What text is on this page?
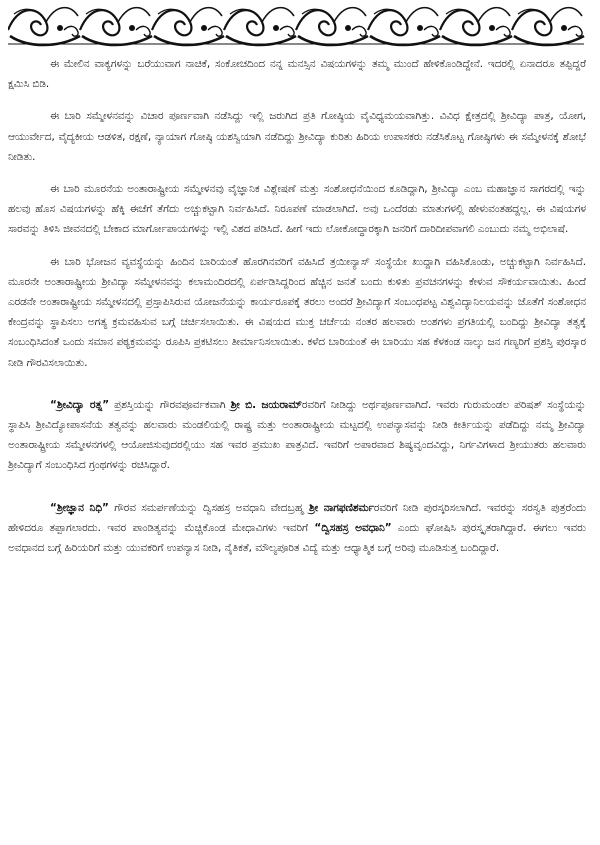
ಈ ಮೇಲಿನ ವಾಕ್ಯಗಳನ್ನು ಬರೆಯುವಾಗ ನಾಚಿಕೆ, ಸಂಕೋಚದಿಂದ ನನ್ನ ಮನಸ್ಸಿನ ವಿಷಯಗಳನ್ನು ತಮ್ಮ ಮುಂದೆ ಹೇಳಿಕೊಂಡಿದ್ದೇನೆ. ಇದರಲ್ಲಿ ಏನಾದರೂ ತಪ್ಪಿದ್ದರೆ ಕ್ಷಮಿಸಿ ಬಿಡಿ.

ಈ ಬಾರಿ ಸಮ್ಮೇಳನವನ್ನು ವಿಚಾರ ಪೂರ್ಣವಾಗಿ ನಡೆಸಿದ್ದು ಇಲ್ಲಿ ಜರುಗಿದ ಪ್ರತಿ ಗೋಷ್ಠಿಯ ವೈವಿಧ್ಯಮಯವಾಗಿತ್ತು. ವಿವಿಧ ಕ್ಷೇತ್ರದಲ್ಲಿ ಶ್ರೀವಿದ್ಯಾ ಪಾತ್ರ, ಯೋಗ, ಆಯುರ್ವೇದ, ವೈದ್ಯಕೀಯ ಆಡಳಿತ, ರಕ್ಷಣೆ, ನ್ಯಾಯಾಗ ಗೋಷ್ಠಿ ಯಶಸ್ವಿಯಾಗಿ ನಡೆದಿದ್ದು ಶ್ರೀವಿದ್ಯಾ ಕುರಿತು ಹಿರಿಯ ಉಪಾಸಕರು ನಡೆಸಿಕೊಟ್ಟ ಗೋಷ್ಠಿಗಳು ಈ ಸಮ್ಮೇಳನಕ್ಕೆ ಶೋಭೆ ನೀಡಿತು.

ಈ ಬಾರಿ ಮೂರನೆಯ ಅಂತಾರಾಷ್ಟ್ರೀಯ ಸಮ್ಮೇಳನವು ವೈಜ್ಞಾನಿಕ ವಿಶ್ಲೇಷಣೆ ಮತ್ತು ಸಂಶೋಧನೆಯಿಂದ ಕೂಡಿದ್ದಾಗಿ, ಶ್ರೀವಿದ್ಯಾ ಎಂಬ ಮಹಾಜ್ಞಾನ ಸಾಗರದಲ್ಲಿ ಇನ್ನು ಹಲವು ಹೊಸ ವಿಷಯಗಳನ್ನು ಹೆಕ್ಕಿ ಈಚೆಗೆ ತೆಗೆದು ಅಚ್ಚುಕಟ್ಟಾಗಿ ನಿರ್ವಹಿಸಿದೆ. ನಿರೂಪಣೆ ಮಾಡಲಾಗಿದೆ. ಅವು ಒಂದೆರಡು ಮಾತುಗಳಲ್ಲಿ ಹೇಳುವಂತಹದ್ದಲ್ಲ. ಈ ವಿಷಯಗಳ ಸಾರವನ್ನು ತಿಳಿಸಿ ಜೀವನದಲ್ಲಿ ಬೇಕಾದ ಮಾರ್ಗೋಪಾಯಗಳನ್ನು ಇಲ್ಲಿ ವಿಶದ ಪಡಿಸಿದೆ. ಹೀಗೆ ಇದು ಲೋಕೋದ್ಧಾರಕ್ಕಾಗಿ ಜನರಿಗೆ ದಾರಿದೀಪವಾಗಲಿ ಎಂಬುದು ನಮ್ಮ ಅಭಿಲಾಷೆ.

ಈ ಬಾರಿ ಭೋಜನ ವ್ಯವಸ್ಥೆಯನ್ನು ಹಿಂದಿನ ಬಾರಿಯಂತೆ ಹೊರಗಿನವರಿಗೆ ವಹಿಸಿದೆ ತ್ರಯೀನ್ಯಾಸ್ ಸಂಸ್ಥೆಯೇ ಖುದ್ದಾಗಿ ವಹಿಸಿಕೊಂಡು, ಅಚ್ಚುಕಟ್ಟಾಗಿ ನಿರ್ವಹಿಸಿದೆ. ಮೂರನೇ ಅಂತಾರಾಷ್ಟ್ರೀಯ ಶ್ರೀವಿದ್ಯಾ ಸಮ್ಮೇಳನವನ್ನು ಕಲಾಮಂದಿರದಲ್ಲಿ ಏರ್ಪಡಿಸಿದ್ದರಿಂದ ಹೆಚ್ಚಿನ ಜನತೆ ಬಂದು ಕುಳಿತು ಪ್ರವಚನಗಳನ್ನು ಕೇಳುವ ಸೌಕರ್ಯವಾಯಿತು. ಹಿಂದೆ ಎರಡನೇ ಅಂತಾರಾಷ್ಟ್ರೀಯ ಸಮ್ಮೇಳನದಲ್ಲಿ ಪ್ರಸ್ತಾಪಿಸಿರುವ ಯೋಜನೆಯನ್ನು ಕಾರ್ಯರೂಪಕ್ಕೆ ತರಲು ಅಂದರೆ ಶ್ರೀವಿದ್ಯಾಗೆ ಸಂಬಂಧಪಟ್ಟ ವಿಶ್ವವಿದ್ಯಾನಿಲಯವನ್ನು ಜೊತೆಗೆ ಸಂಶೋಧನ ಕೇಂದ್ರವನ್ನು ಸ್ಥಾಪಿಸಲು ಅಗತ್ಯ ಕ್ರಮವಹಿಸುವ ಬಗ್ಗೆ ಚರ್ಚಿಸಲಾಯಿತು. ಈ ವಿಷಯದ ಮುಕ್ತ ಚರ್ಚೆಯ ನಂತರ ಹಲವಾರು ಅಂಶಗಳು ಪ್ರಗತಿಯಲ್ಲಿ ಬಂದಿದ್ದು ಶ್ರೀವಿದ್ಯಾ ತತ್ವಕ್ಕೆ ಸಂಬಂಧಿಸಿದಂತೆ ಒಂದು ಸಮಾನ ಪಠ್ಯಕ್ರಮವನ್ನು ರೂಪಿಸಿ ಪ್ರಕಟಿಸಲು ತೀರ್ಮಾನಿಸಲಾಯಿತು. ಕಳೆದ ಬಾರಿಯಂತೆ ಈ ಬಾರಿಯು ಸಹ ಕೆಳಕಂಡ ನಾಲ್ಕು ಜನ ಗಣ್ಯರಿಗೆ ಪ್ರಶಸ್ತಿ ಪುರಸ್ಕಾರ ನೀಡಿ ಗೌರವಿಸಲಾಯಿತು.

“ಶ್ರೀವಿದ್ಯಾ ರತ್ನ” ಪ್ರಶಸ್ತಿಯನ್ನು ಗೌರವಪೂರ್ವಕವಾಗಿ ಶ್ರೀ ಬಿ. ಜಯರಾಮ್ರವರಿಗೆ ನೀಡಿದ್ದು ಅರ್ಥಪೂರ್ಣವಾಗಿದೆ. ಇವರು ಗುರುಮಂಡಲ ಪರಿಷತ್ ಸಂಸ್ಥೆಯನ್ನು ಸ್ಥಾಪಿಸಿ ಶ್ರೀವಿದ್ಯೋಪಾಸನೆಯ ತತ್ವವನ್ನು ಹಲವಾರು ಮಂಡಲಿಯಲ್ಲಿ ರಾಷ್ಟ್ರ ಮತ್ತು ಅಂತಾರಾಷ್ಟ್ರೀಯ ಮಟ್ಟದಲ್ಲಿ ಉಪನ್ಯಾಸವನ್ನು ನೀಡಿ ಕೀರ್ತಿಯನ್ನು ಪಡೆದಿದ್ದು ನಮ್ಮ ಶ್ರೀವಿದ್ಯಾ ಅಂತಾರಾಷ್ಟ್ರೀಯ ಸಮ್ಮೇಳನಗಳಲ್ಲಿ ಆಯೋಜಿಸುವುದರಲ್ಲಿಯು ಸಹ ಇವರ ಪ್ರಮುಖ ಪಾತ್ರವಿದೆ. ಇವರಿಗೆ ಅಪಾರವಾದ ಶಿಷ್ಯವೃಂದವಿದ್ದು, ನಿರ್ಗವಿಗಳಾದ ಶ್ರೀಯುತರು ಹಲವಾರು ಶ್ರೀವಿದ್ಯಾಗೆ ಸಂಬಂಧಿಸಿದ ಗ್ರಂಥಗಳನ್ನು ರಚಿಸಿದ್ದಾರೆ.

“ಶ್ರೀಜ್ಞಾನ ನಿಧಿ” ಗೌರವ ಸಮರ್ಪಣೆಯನ್ನು ದ್ವಿಸಹಸ್ರ ಅವಧಾನಿ ವೇದಬ್ರಹ್ಮ ಶ್ರೀ ನಾಗಫಣಿಶರ್ಮರವರಿಗೆ ನೀಡಿ ಪುರಸ್ಕರಿಸಲಾಗಿದೆ. ಇವರನ್ನು ಸರಸ್ವತಿ ಪುತ್ರರೆಂದು ಹೇಳಿದರೂ ತಪ್ಪಾಗಲಾರದು. ಇವರ ಪಾಂಡಿತ್ಯವನ್ನು ಮೆಚ್ಚಿಕೊಂಡ ಮೇಧಾವಿಗಳು ಇವರಿಗೆ “ದ್ವಿಸಹಸ್ರ ಅವಧಾನಿ” ಎಂದು ಘೋಷಿಸಿ ಪುರಸ್ಕೃತರಾಗಿದ್ದಾರೆ. ಈಗಲು ಇವರು ಅವಧಾನದ ಬಗ್ಗೆ ಹಿರಿಯರಿಗೆ ಮತ್ತು ಯುವಕರಿಗೆ ಉಪನ್ಯಾಸ ನೀಡಿ, ನೈತಿಕತೆ, ಮೌಲ್ಯಪೂರಿತ ವಿದ್ಯೆ ಮತ್ತು ಆಧ್ಯಾತ್ಮಿಕ ಬಗ್ಗೆ ಅರಿವು ಮೂಡಿಸುತ್ತ ಬಂದಿದ್ದಾರೆ.
